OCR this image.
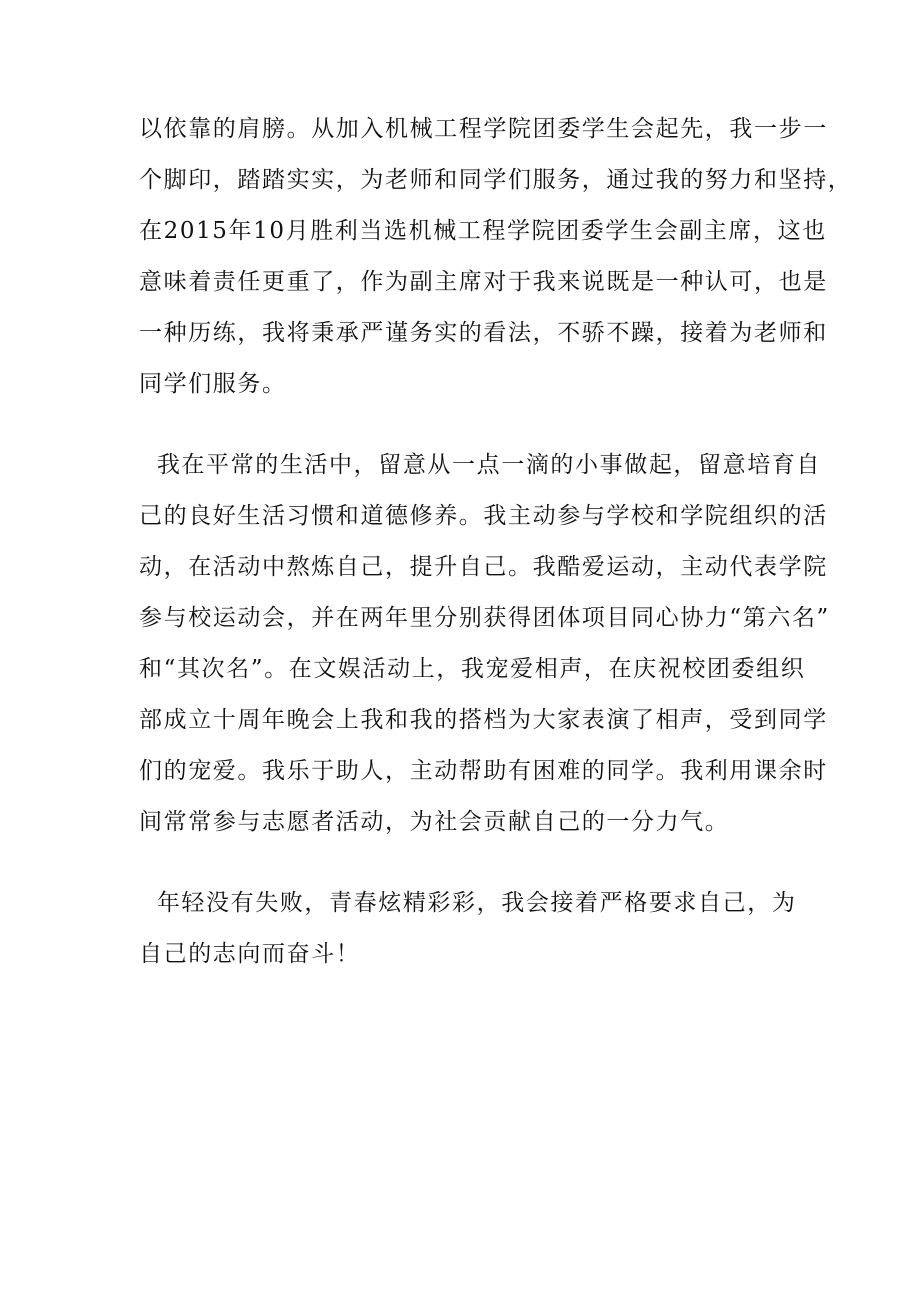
以依靠的肩膀。从加入机械工程学院团委学生会起先，我一步一
个脚印，踏踏实实，为老师和同学们服务，通过我的努力和坚持，
在2015年10月胜利当选机械工程学院团委学生会副主席，这也
意味着责任更重了，作为副主席对于我来说既是一种认可，也是
一种历练，我将秉承严谨务实的看法，不骄不躁，接着为老师和
同学们服务。
我在平常的生活中，留意从一点一滴的小事做起，留意培育自
己的良好生活习惯和道德修养。我主动参与学校和学院组织的活
动，在活动中熬炼自己，提升自己。我酷爱运动，主动代表学院
参与校运动会，并在两年里分别获得团体项目同心协力“第六名”
和“其次名”。在文娱活动上，我宠爱相声，在庆祝校团委组织
部成立十周年晚会上我和我的搭档为大家表演了相声，受到同学
们的宠爱。我乐于助人，主动帮助有困难的同学。我利用课余时
间常常参与志愿者活动，为社会贡献自己的一分力气。
年轻没有失败，青春炫精彩彩，我会接着严格要求自己，为
自己的志向而奋斗！
